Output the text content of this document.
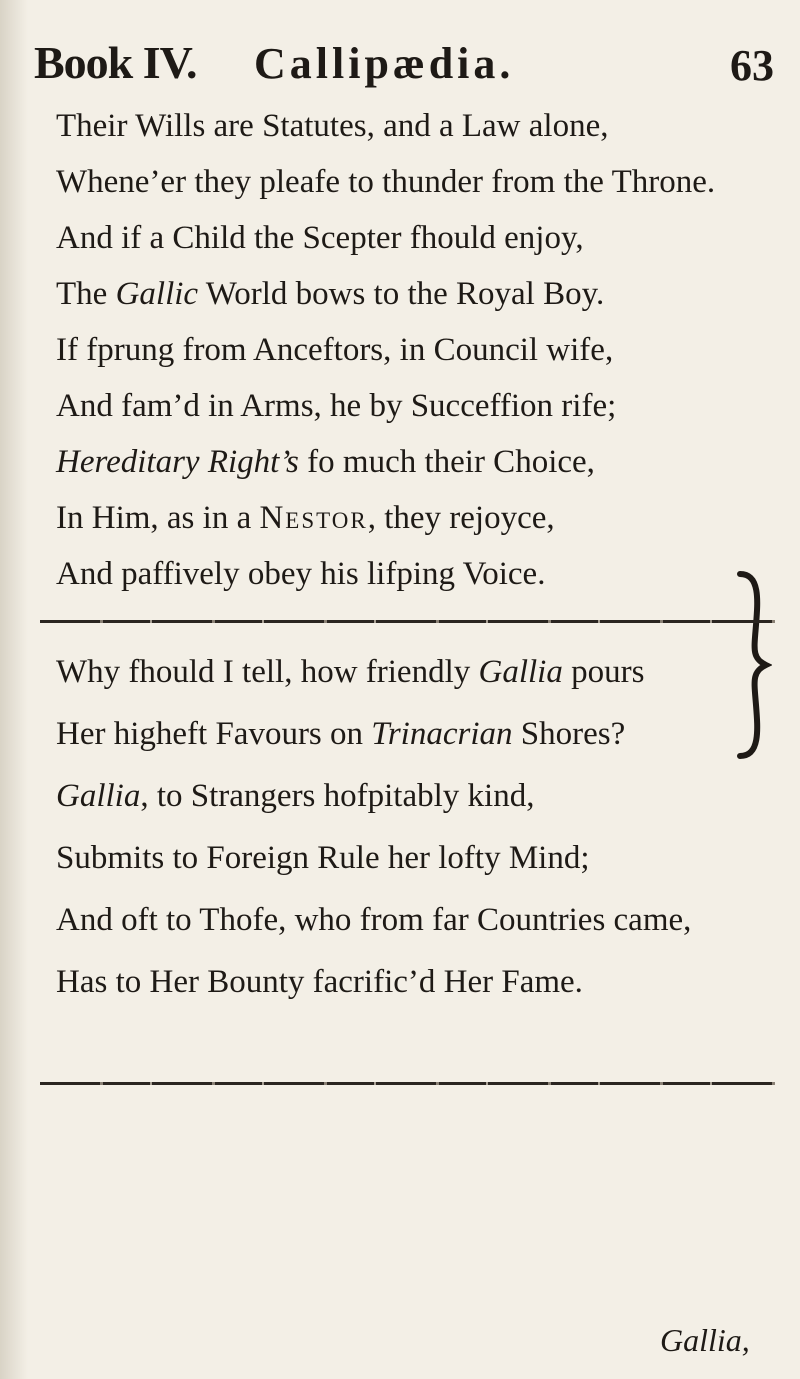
Book IV. Callipædia.	63
Their Wills are Statutes, and a Law alone,
Whene’er they pleafe to thunder from the Throne.
And if a Child the Scepter fhould enjoy,
The Gallic World bows to the Royal Boy.
If fprung from Anceftors, in Council wife,
And fam’d in Arms, he by Succeffion rife;
Hereditary Right’s fo much their Choice,
In Him, as in a Nestor, they rejoyce,
And paffively obey his lifping Voice.
Why fhould I tell, how friendly Gallia pours
Her higheft Favours on Trinacrian Shores?
Gallia, to Strangers hofpitably kind,
Submits to Foreign Rule her lofty Mind;
And oft to Thofe, who from far Countries came,
Has to Her Bounty facrific’d Her Fame.
Gallia,
